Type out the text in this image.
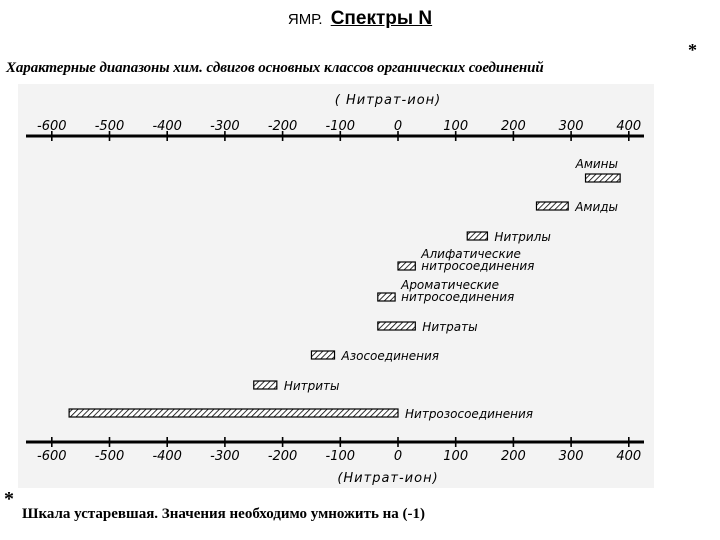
ЯМР. Спектры N
*
Характерные диапазоны хим. сдвигов основных классов органических соединений
-600 -500 -400 -300 -200 -100	0	100	200	300	400
( Нитрат-ион)
-600 -500 -400 -300 -200 -100	0	100	200	300	400
(Нитрат-ион)
Амины
Амиды
Нитрилы
Алифатические
нитросоединения
Ароматические
нитросоединения
Нитраты
Азосоединения
Нитриты
Нитрозосоединения
*
Шкала устаревшая. Значения необходимо умножить на (-1)
